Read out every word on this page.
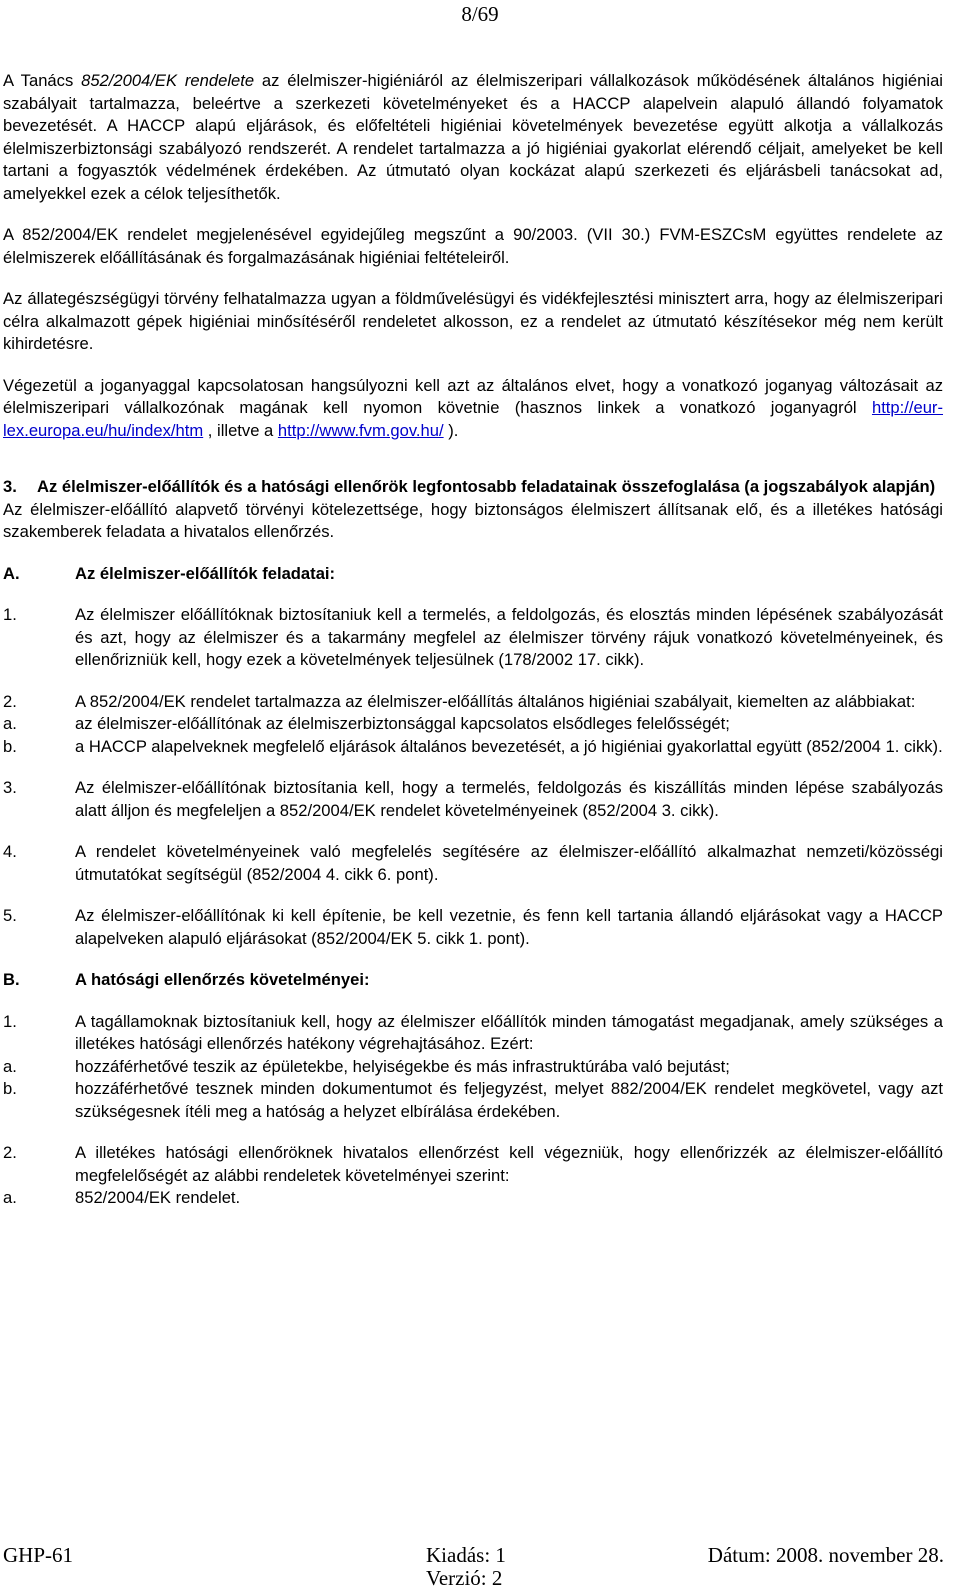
8/69

A Tanács 852/2004/EK rendelete az élelmiszer-higiéniáról az élelmiszeripari vállalkozások működésének általános higiéniai szabályait tartalmazza, beleértve a szerkezeti követelményeket és a HACCP alapelvein alapuló állandó folyamatok bevezetését. A HACCP alapú eljárások, és előfeltételi higiéniai követelmények bevezetése együtt alkotja a vállalkozás élelmiszerbiztonsági szabályozó rendszerét. A rendelet tartalmazza a jó higiéniai gyakorlat elérendő céljait, amelyeket be kell tartani a fogyasztók védelmének érdekében. Az útmutató olyan kockázat alapú szerkezeti és eljárásbeli tanácsokat ad, amelyekkel ezek a célok teljesíthetők.

A 852/2004/EK rendelet megjelenésével egyidejűleg megszűnt a 90/2003. (VII 30.) FVM-ESZCsM együttes rendelete az élelmiszerek előállításának és forgalmazásának higiéniai feltételeiről.

Az állategészségügyi törvény felhatalmazza ugyan a földművelésügyi és vidékfejlesztési minisztert arra, hogy az élelmiszeripari célra alkalmazott gépek higiéniai minősítéséről rendeletet alkosson, ez a rendelet az útmutató készítésekor még nem került kihirdetésre.

Végezetül a joganyaggal kapcsolatosan hangsúlyozni kell azt az általános elvet, hogy a vonatkozó joganyag változásait az élelmiszeripari vállalkozónak magának kell nyomon követnie (hasznos linkek a vonatkozó joganyagról http://eur-lex.europa.eu/hu/index/htm , illetve a http://www.fvm.gov.hu/ ).

3.	Az élelmiszer-előállítók és a hatósági ellenőrök legfontosabb feladatainak összefoglalása (a jogszabályok alapján)

Az élelmiszer-előállító alapvető törvényi kötelezettsége, hogy biztonságos élelmiszert állítsanak elő, és a illetékes hatósági szakemberek feladata a hivatalos ellenőrzés.

A.	Az élelmiszer-előállítók feladatai:
1.	Az élelmiszer előállítóknak biztosítaniuk kell a termelés, a feldolgozás, és elosztás minden lépésének szabályozását és azt, hogy az élelmiszer és a takarmány megfelel az élelmiszer törvény rájuk vonatkozó követelményeinek, és ellenőrizniük kell, hogy ezek a követelmények teljesülnek (178/2002 17. cikk).
2.	A 852/2004/EK rendelet tartalmazza az élelmiszer-előállítás általános higiéniai szabályait, kiemelten az alábbiakat:
a.	az élelmiszer-előállítónak az élelmiszerbiztonsággal kapcsolatos elsődleges felelősségét;
b.	a HACCP alapelveknek megfelelő eljárások általános bevezetését, a jó higiéniai gyakorlattal együtt (852/2004 1. cikk).
3.	Az élelmiszer-előállítónak biztosítania kell, hogy a termelés, feldolgozás és kiszállítás minden lépése szabályozás alatt álljon és megfeleljen a 852/2004/EK rendelet követelményeinek (852/2004 3. cikk).
4.	A rendelet követelményeinek való megfelelés segítésére az élelmiszer-előállító alkalmazhat nemzeti/közösségi útmutatókat segítségül (852/2004 4. cikk 6. pont).
5.	Az élelmiszer-előállítónak ki kell építenie, be kell vezetnie, és fenn kell tartania állandó eljárásokat vagy a HACCP alapelveken alapuló eljárásokat (852/2004/EK 5. cikk 1. pont).
B.	A hatósági ellenőrzés követelményei:
1.	A tagállamoknak biztosítaniuk kell, hogy az élelmiszer előállítók minden támogatást megadjanak, amely szükséges a illetékes hatósági ellenőrzés hatékony végrehajtásához. Ezért:
a.	hozzáférhetővé teszik az épületekbe, helyiségekbe és más infrastruktúrába való bejutást;
b.	hozzáférhetővé tesznek minden dokumentumot és feljegyzést, melyet 882/2004/EK rendelet megkövetel, vagy azt szükségesnek ítéli meg a hatóság a helyzet elbírálása érdekében.
2.	A illetékes hatósági ellenőröknek hivatalos ellenőrzést kell végezniük, hogy ellenőrizzék az élelmiszer-előállító megfelelőségét az alábbi rendeletek követelményei szerint:
a.	852/2004/EK rendelet.
GHP-61	Kiadás: 1
Verzió: 2
Dátum: 2008. november 28.
